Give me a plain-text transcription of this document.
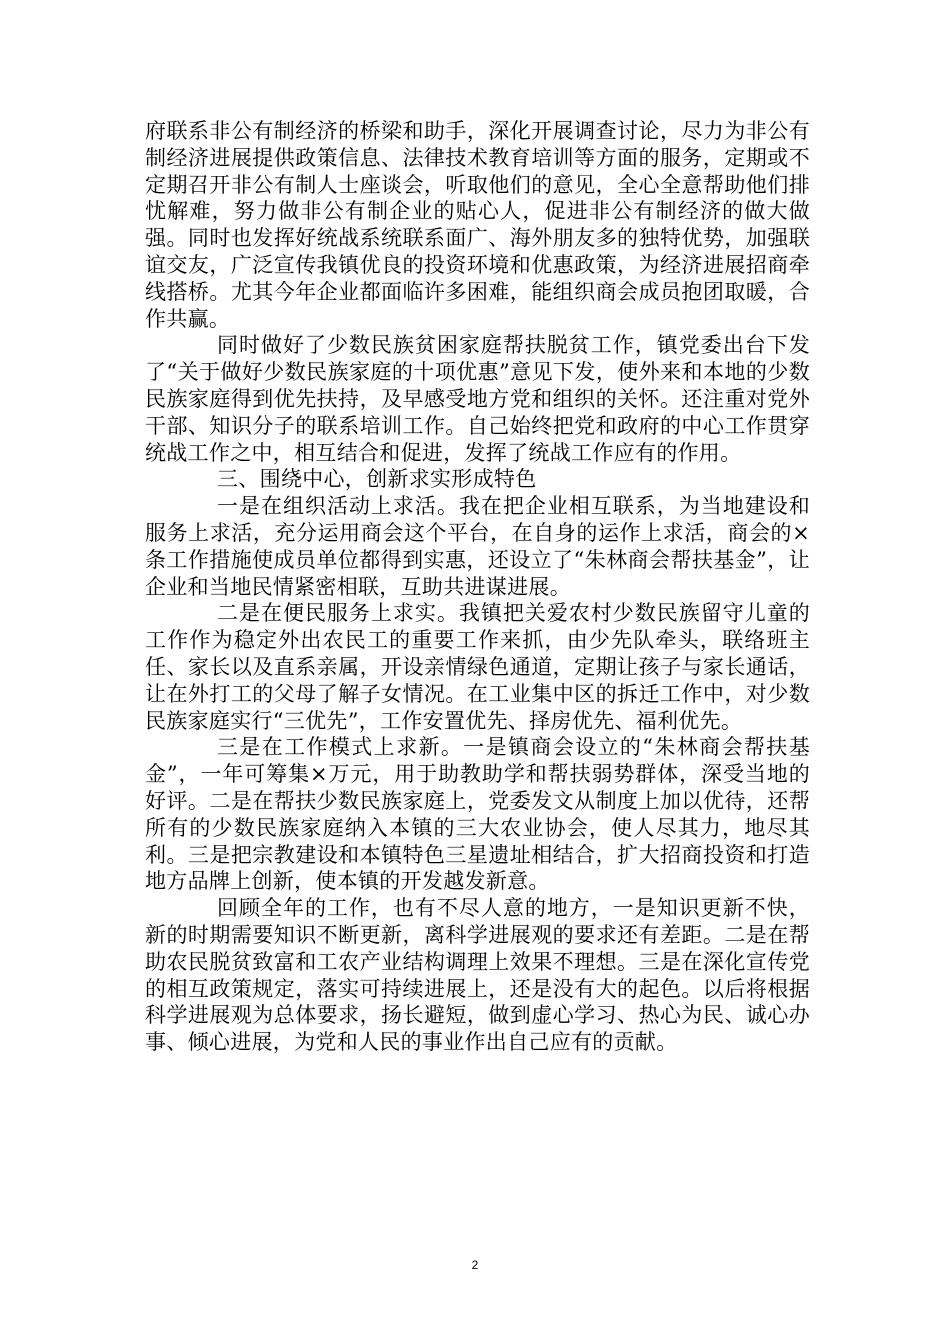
府联系非公有制经济的桥梁和助手，深化开展调查讨论，尽力为非公有制经济进展提供政策信息、法律技术教育培训等方面的服务，定期或不定期召开非公有制人士座谈会，听取他们的意见，全心全意帮助他们排忧解难，努力做非公有制企业的贴心人，促进非公有制经济的做大做强。同时也发挥好统战系统联系面广、海外朋友多的独特优势，加强联谊交友，广泛宣传我镇优良的投资环境和优惠政策，为经济进展招商牵线搭桥。尤其今年企业都面临许多困难，能组织商会成员抱团取暖，合作共赢。

同时做好了少数民族贫困家庭帮扶脱贫工作，镇党委出台下发了“关于做好少数民族家庭的十项优惠”意见下发，使外来和本地的少数民族家庭得到优先扶持，及早感受地方党和组织的关怀。还注重对党外干部、知识分子的联系培训工作。自己始终把党和政府的中心工作贯穿统战工作之中，相互结合和促进，发挥了统战工作应有的作用。

三、围绕中心，创新求实形成特色

一是在组织活动上求活。我在把企业相互联系，为当地建设和服务上求活，充分运用商会这个平台，在自身的运作上求活，商会的×条工作措施使成员单位都得到实惠，还设立了“朱林商会帮扶基金”，让企业和当地民情紧密相联，互助共进谋进展。

二是在便民服务上求实。我镇把关爱农村少数民族留守儿童的工作作为稳定外出农民工的重要工作来抓，由少先队牵头，联络班主任、家长以及直系亲属，开设亲情绿色通道，定期让孩子与家长通话，让在外打工的父母了解子女情况。在工业集中区的拆迁工作中，对少数民族家庭实行“三优先”，工作安置优先、择房优先、福利优先。

三是在工作模式上求新。一是镇商会设立的“朱林商会帮扶基金”，一年可筹集×万元，用于助教助学和帮扶弱势群体，深受当地的好评。二是在帮扶少数民族家庭上，党委发文从制度上加以优待，还帮所有的少数民族家庭纳入本镇的三大农业协会，使人尽其力，地尽其利。三是把宗教建设和本镇特色三星遗址相结合，扩大招商投资和打造地方品牌上创新，使本镇的开发越发新意。

回顾全年的工作，也有不尽人意的地方，一是知识更新不快，新的时期需要知识不断更新，离科学进展观的要求还有差距。二是在帮助农民脱贫致富和工农产业结构调理上效果不理想。三是在深化宣传党的相互政策规定，落实可持续进展上，还是没有大的起色。以后将根据科学进展观为总体要求，扬长避短，做到虚心学习、热心为民、诚心办事、倾心进展，为党和人民的事业作出自己应有的贡献。

2
